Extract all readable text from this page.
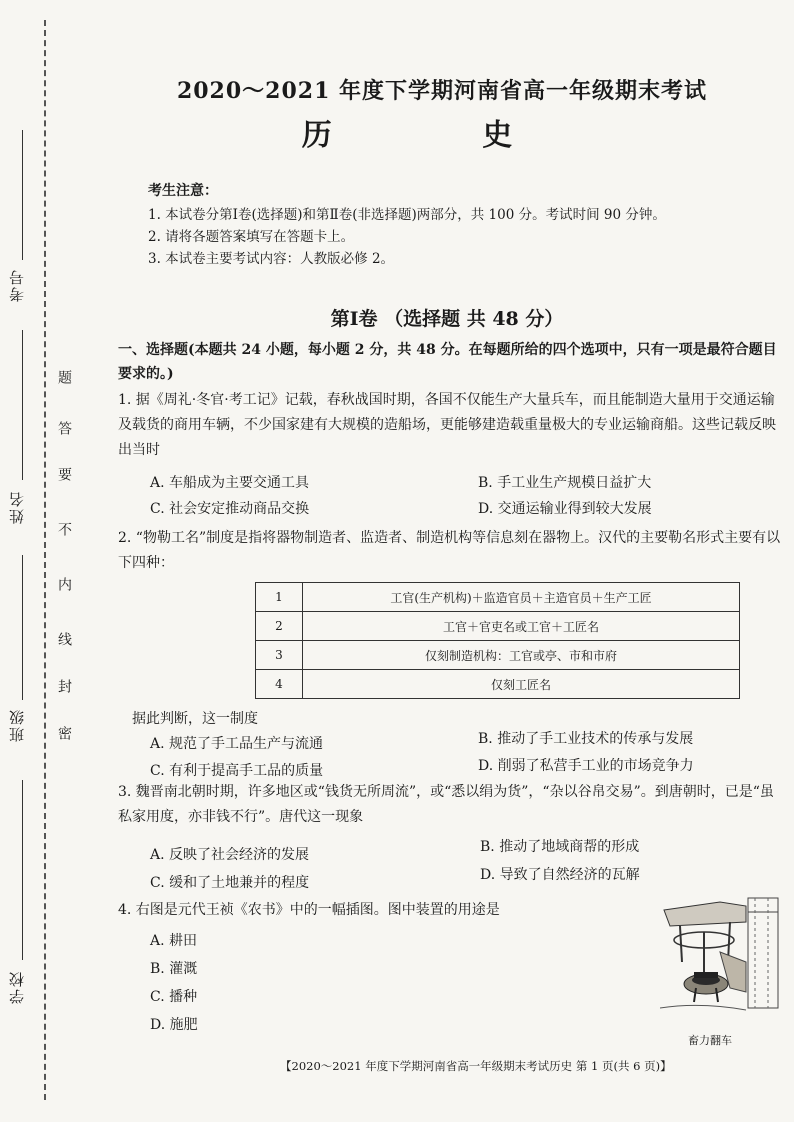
考号
姓名
班级
学校
密
封
线
内
不
要
答
题
2020～2021 年度下学期河南省高一年级期末考试
历 史
考生注意：
1. 本试卷分第Ⅰ卷(选择题)和第Ⅱ卷(非选择题)两部分，共 100 分。考试时间 90 分钟。
2. 请将各题答案填写在答题卡上。
3. 本试卷主要考试内容：人教版必修 2。
第Ⅰ卷 （选择题 共 48 分）
一、选择题(本题共 24 小题，每小题 2 分，共 48 分。在每题所给的四个选项中，只有一项是最符合题目要求的。)
1. 据《周礼·冬官·考工记》记载，春秋战国时期，各国不仅能生产大量兵车，而且能制造大量用于交通运输及载货的商用车辆，不少国家建有大规模的造船场，更能够建造载重量极大的专业运输商船。这些记载反映出当时
A. 车船成为主要交通工具	B. 手工业生产规模日益扩大
C. 社会安定推动商品交换	D. 交通运输业得到较大发展
2. “物勒工名”制度是指将器物制造者、监造者、制造机构等信息刻在器物上。汉代的主要勒名形式主要有以下四种：
1	工官(生产机构)＋监造官员＋主造官员＋生产工匠
2	工官＋官吏名或工官＋工匠名
3	仅刻制造机构：工官或亭、市和市府
4	仅刻工匠名
据此判断，这一制度
A. 规范了手工品生产与流通	B. 推动了手工业技术的传承与发展
C. 有利于提高手工品的质量	D. 削弱了私营手工业的市场竞争力
3. 魏晋南北朝时期，许多地区或“钱货无所周流”，或“悉以绢为货”，“杂以谷帛交易”。到唐朝时，已是“虽私家用度，亦非钱不行”。唐代这一现象
A. 反映了社会经济的发展	B. 推动了地域商帮的形成
C. 缓和了土地兼并的程度	D. 导致了自然经济的瓦解
4. 右图是元代王祯《农书》中的一幅插图。图中装置的用途是
A. 耕田
B. 灌溉
C. 播种
D. 施肥
畜力翻车
【2020～2021 年度下学期河南省高一年级期末考试历史 第 1 页(共 6 页)】
